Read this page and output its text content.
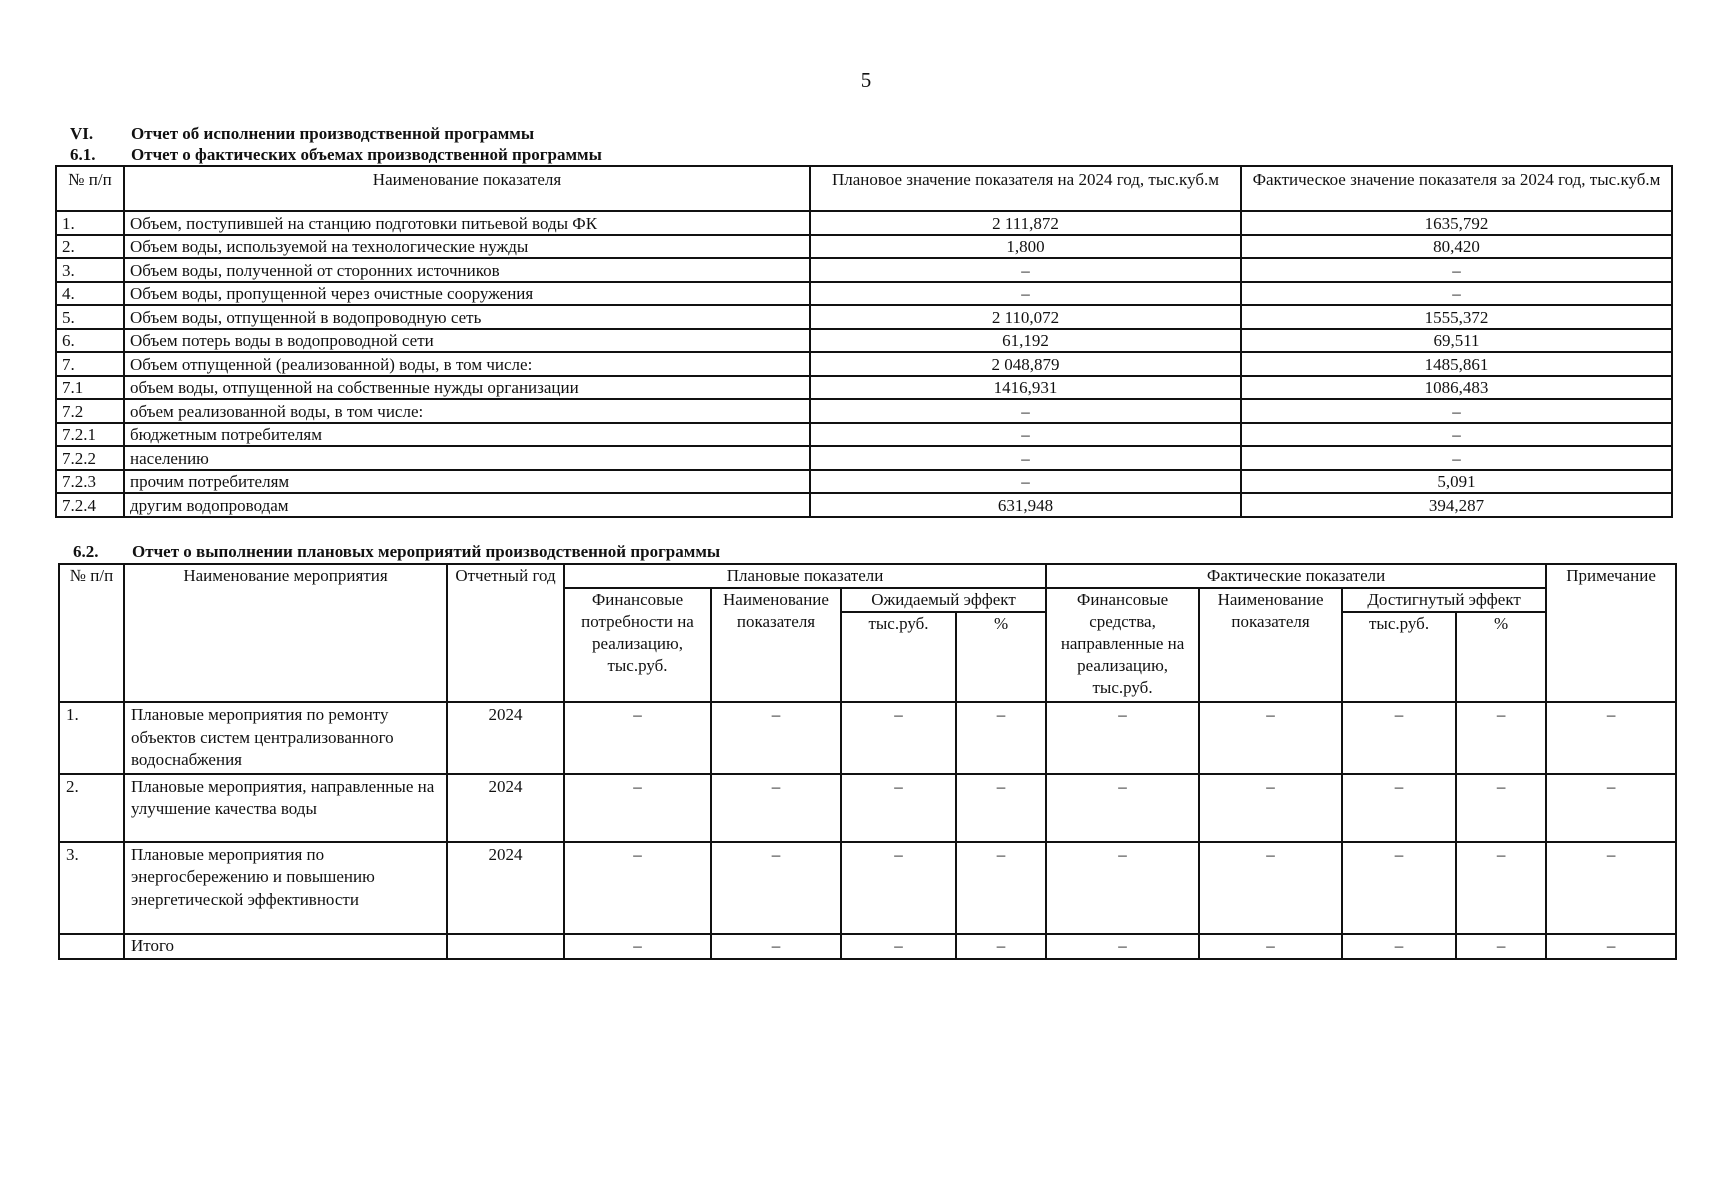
5
VI. Отчет об исполнении производственной программы
6.1. Отчет о фактических объемах производственной программы
№ п/п	Наименование показателя	Плановое значение показателя на 2024 год, тыс.куб.м	Фактическое значение показателя за 2024 год, тыс.куб.м
1.	Объем, поступившей на станцию подготовки питьевой воды ФК	2 111,872	1635,792
2.	Объем воды, используемой на технологические нужды	1,800	80,420
3.	Объем воды, полученной от сторонних источников	–	–
4.	Объем воды, пропущенной через очистные сооружения	–	–
5.	Объем воды, отпущенной в водопроводную сеть	2 110,072	1555,372
6.	Объем потерь воды в водопроводной сети	61,192	69,511
7.	Объем отпущенной (реализованной) воды, в том числе:	2 048,879	1485,861
7.1	объем воды, отпущенной на собственные нужды организации	1416,931	1086,483
7.2	объем реализованной воды, в том числе:	–	–
7.2.1	бюджетным потребителям	–	–
7.2.2	населению	–	–
7.2.3	прочим потребителям	–	5,091
7.2.4	другим водопроводам	631,948	394,287
6.2. Отчет о выполнении плановых мероприятий производственной программы
№ п/п	Наименование мероприятия	Отчетный год	Плановые показатели				Фактические показатели				Примечание
			Финансовые потребности на реализацию, тыс.руб.	Наименование показателя	Ожидаемый эффект		Финансовые средства, направленные на реализацию, тыс.руб.	Наименование показателя	Достигнутый эффект		
					тыс.руб.	%			тыс.руб.	%	
1.	Плановые мероприятия по ремонту объектов систем централизованного водоснабжения	2024	–	–	–	–	–	–	–	–	–
2.	Плановые мероприятия, направленные на улучшение качества воды	2024	–	–	–	–	–	–	–	–	–
3.	Плановые мероприятия по энергосбережению и повышению энергетической эффективности	2024	–	–	–	–	–	–	–	–	–
	Итого		–	–	–	–	–	–	–	–	–
